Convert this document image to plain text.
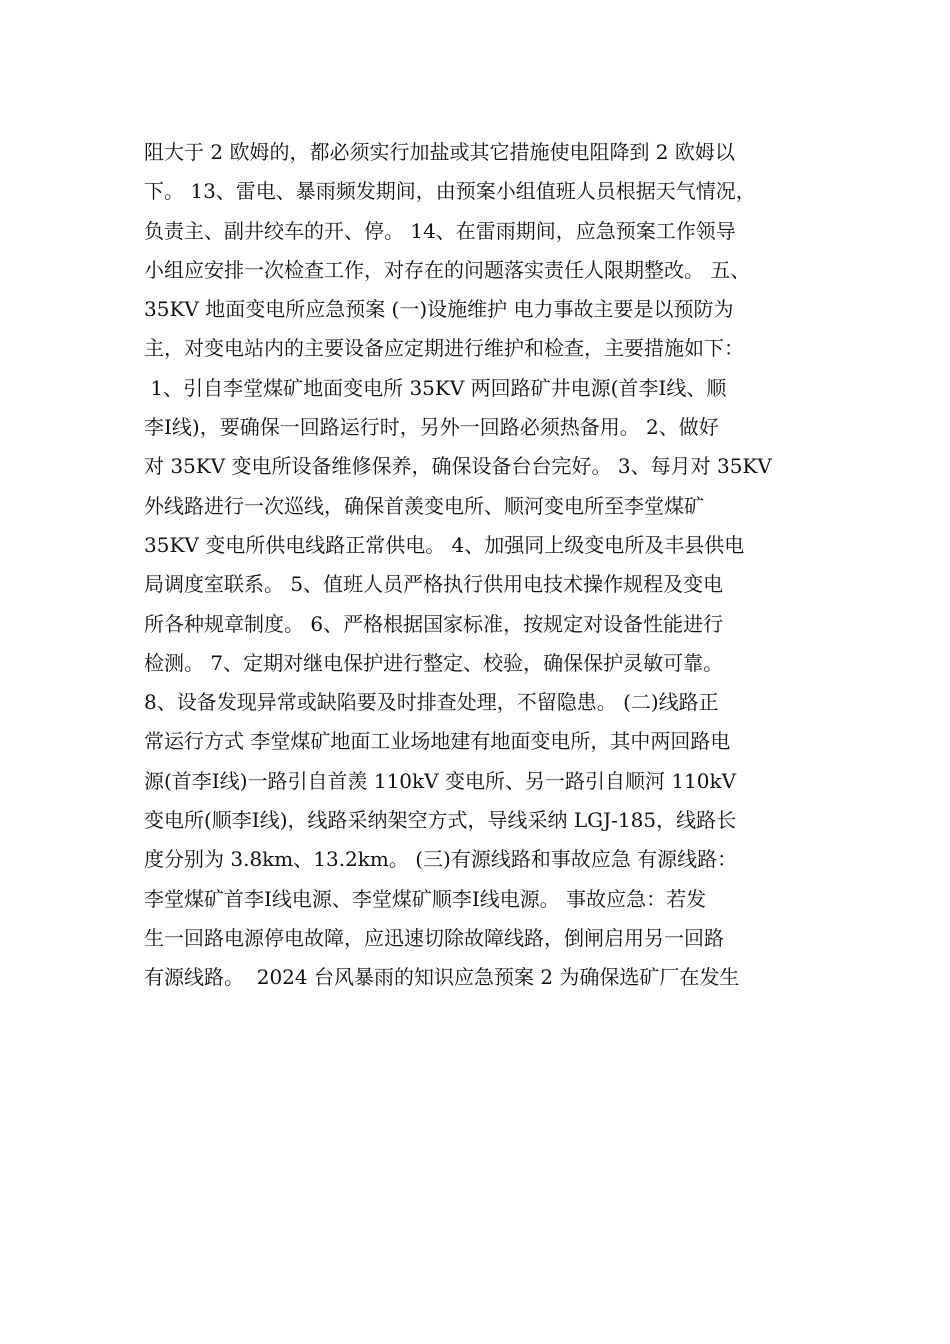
阻大于 2 欧姆的，都必须实行加盐或其它措施使电阻降到 2 欧姆以
下。 13、雷电、暴雨频发期间，由预案小组值班人员根据天气情况，
负责主、副井绞车的开、停。 14、在雷雨期间，应急预案工作领导
小组应安排一次检查工作，对存在的问题落实责任人限期整改。 五、
35KV 地面变电所应急预案 (一)设施维护 电力事故主要是以预防为
主，对变电站内的主要设备应定期进行维护和检查，主要措施如下：
1、引自李堂煤矿地面变电所 35KV 两回路矿井电源(首李Ⅰ线、顺
李Ⅰ线)，要确保一回路运行时，另外一回路必须热备用。 2、做好
对 35KV 变电所设备维修保养，确保设备台台完好。 3、每月对 35KV
外线路进行一次巡线，确保首羡变电所、顺河变电所至李堂煤矿
35KV 变电所供电线路正常供电。 4、加强同上级变电所及丰县供电
局调度室联系。 5、值班人员严格执行供用电技术操作规程及变电
所各种规章制度。 6、严格根据国家标准，按规定对设备性能进行
检测。 7、定期对继电保护进行整定、校验，确保保护灵敏可靠。
8、设备发现异常或缺陷要及时排查处理，不留隐患。 (二)线路正
常运行方式 李堂煤矿地面工业场地建有地面变电所，其中两回路电
源(首李Ⅰ线)一路引自首羡 110kV 变电所、另一路引自顺河 110kV
变电所(顺李Ⅰ线)，线路采纳架空方式，导线采纳 LGJ-185，线路长
度分别为 3.8km、13.2km。 (三)有源线路和事故应急 有源线路：
李堂煤矿首李Ⅰ线电源、李堂煤矿顺李Ⅰ线电源。 事故应急：若发
生一回路电源停电故障，应迅速切除故障线路，倒闸启用另一回路
有源线路。  2024 台风暴雨的知识应急预案 2 为确保选矿厂在发生
